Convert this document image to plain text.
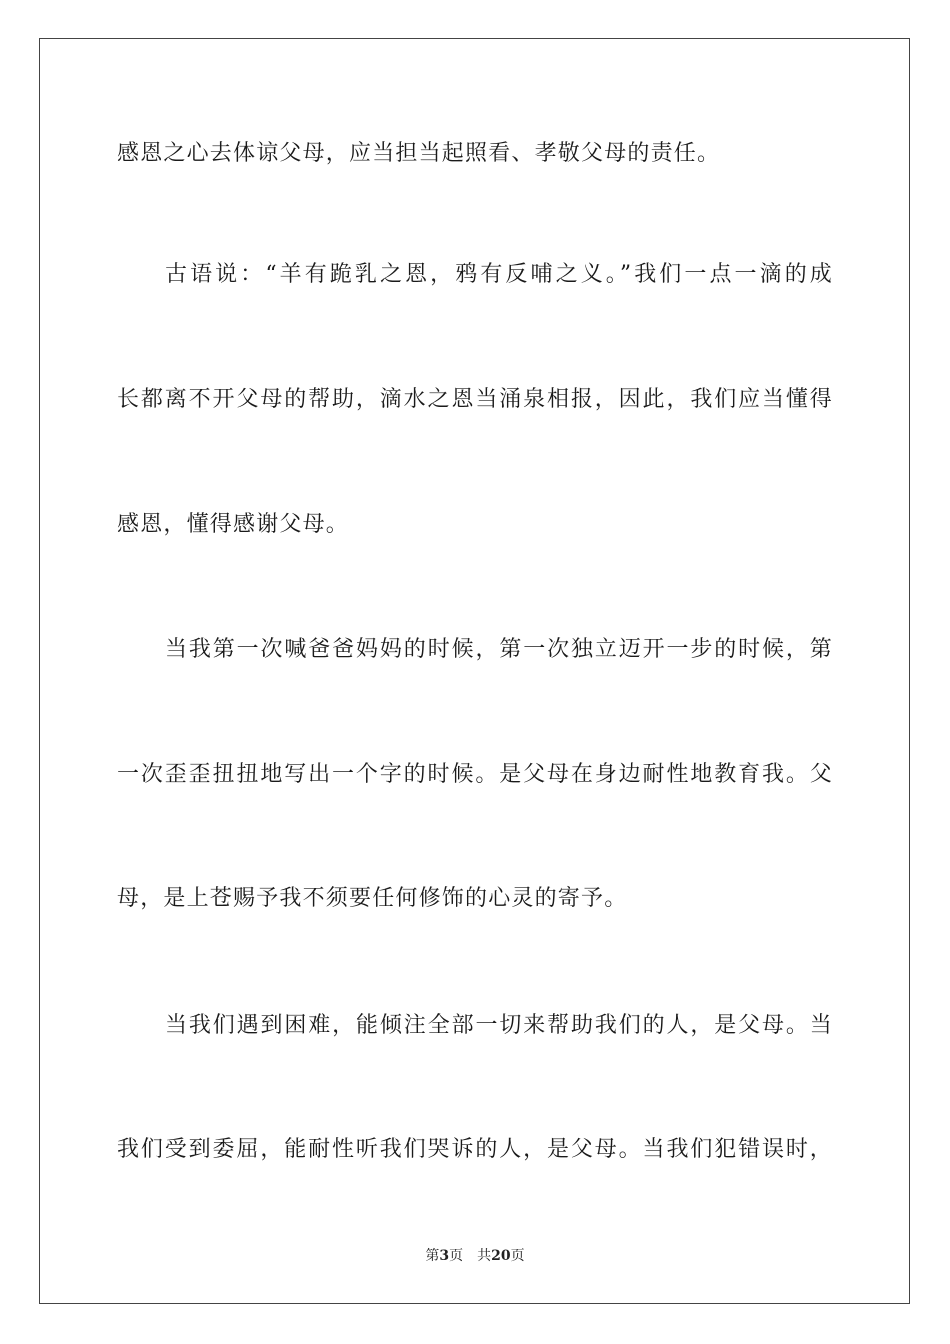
感恩之心去体谅父母，应当担当起照看、孝敬父母的责任。
古语说：“羊有跪乳之恩，鸦有反哺之义。”我们一点一滴的成
长都离不开父母的帮助，滴水之恩当涌泉相报，因此，我们应当懂得
感恩，懂得感谢父母。
当我第一次喊爸爸妈妈的时候，第一次独立迈开一步的时候，第
一次歪歪扭扭地写出一个字的时候。是父母在身边耐性地教育我。父
母，是上苍赐予我不须要任何修饰的心灵的寄予。
当我们遇到困难，能倾注全部一切来帮助我们的人，是父母。当
我们受到委屈，能耐性听我们哭诉的人，是父母。当我们犯错误时，
第3页 共20页
